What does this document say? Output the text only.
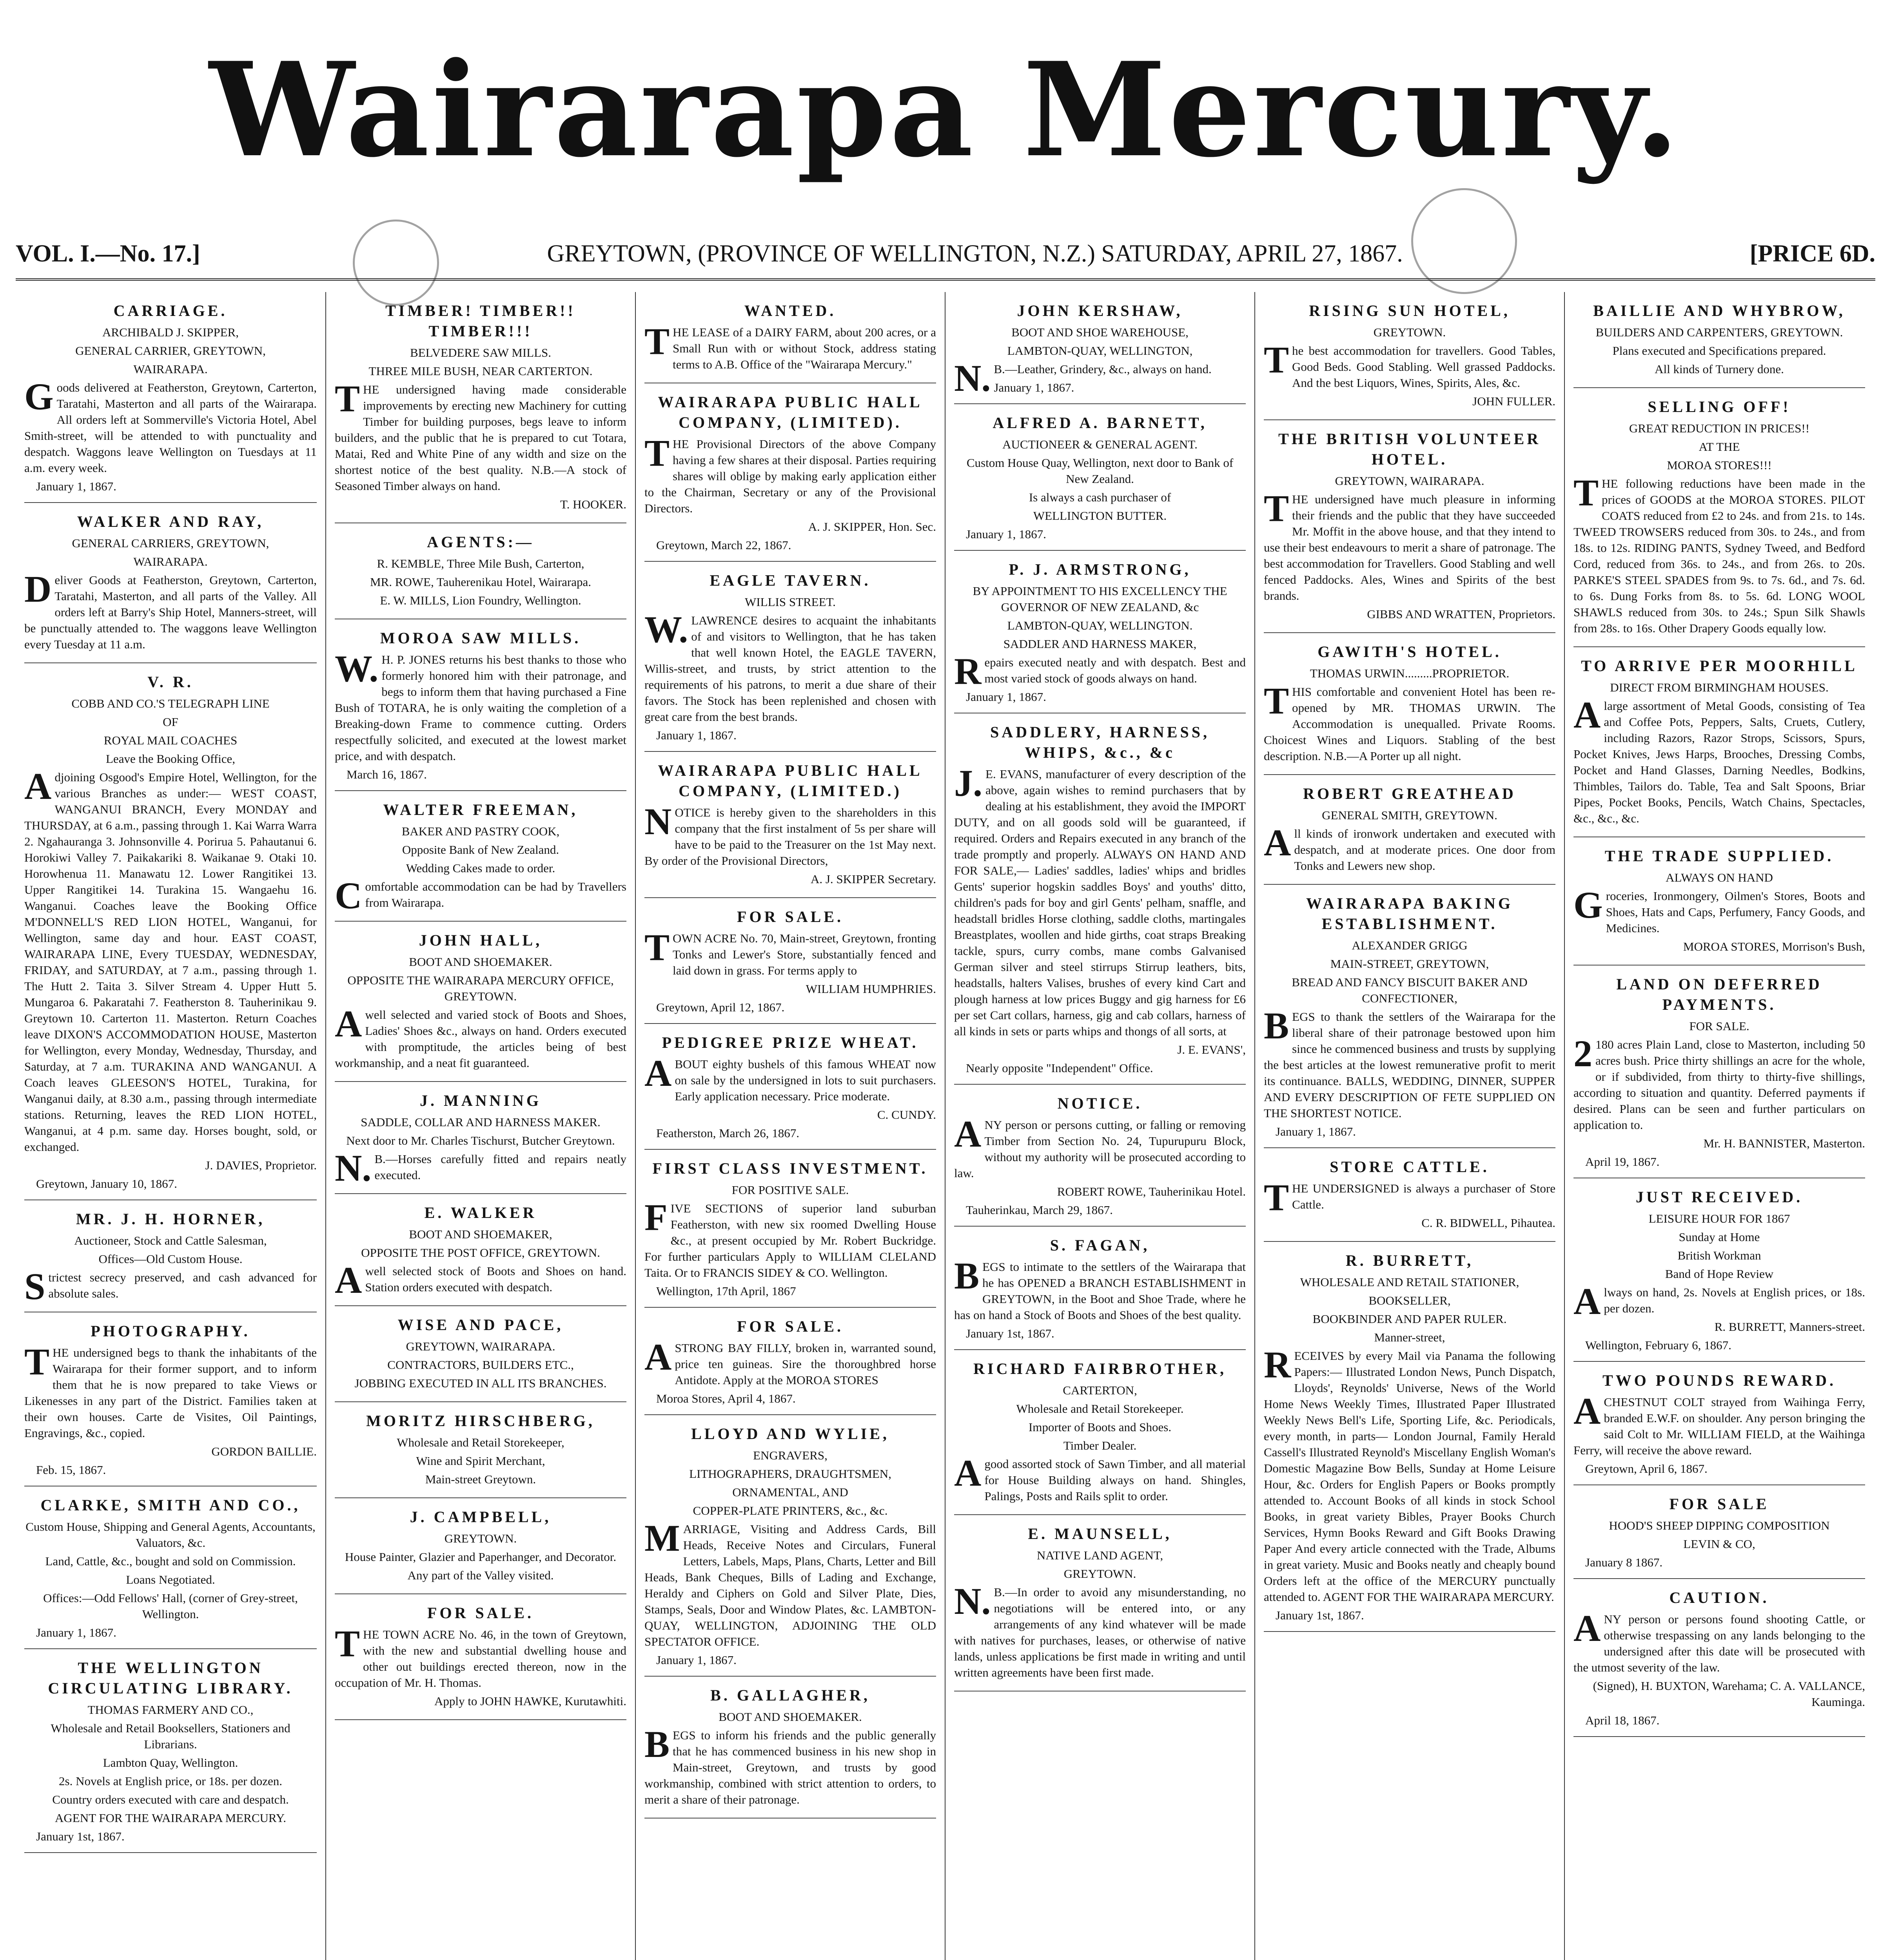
Wairarapa Mercury.
VOL. I.—No. 17.]	GREYTOWN, (PROVINCE OF WELLINGTON, N.Z.) SATURDAY, APRIL 27, 1867.	[PRICE 6D.
CARRIAGE.
ARCHIBALD J. SKIPPER,
GENERAL CARRIER, GREYTOWN,
WAIRARAPA.
Goods delivered at Featherston, Greytown, Carterton, Taratahi, Masterton and all parts of the Wairarapa. All orders left at Sommerville's Victoria Hotel, Abel Smith-street, will be attended to with punctuality and despatch. Waggons leave Wellington on Tuesdays at 11 a.m. every week.
January 1, 1867.
WALKER AND RAY,
GENERAL CARRIERS, GREYTOWN,
WAIRARAPA.
Deliver Goods at Featherston, Greytown, Carterton, Taratahi, Masterton, and all parts of the Valley. All orders left at Barry's Ship Hotel, Manners-street, will be punctually attended to. The waggons leave Wellington every Tuesday at 11 a.m.
V. R.
COBB AND CO.'S TELEGRAPH LINE
OF
ROYAL MAIL COACHES
Leave the Booking Office,
Adjoining Osgood's Empire Hotel, Wellington, for the various Branches as under:— WEST COAST, WANGANUI BRANCH, Every MONDAY and THURSDAY, at 6 a.m., passing through 1. Kai Warra Warra 2. Ngahauranga 3. Johnsonville 4. Porirua 5. Pahautanui 6. Horokiwi Valley 7. Paikakariki 8. Waikanae 9. Otaki 10. Horowhenua 11. Manawatu 12. Lower Rangitikei 13. Upper Rangitikei 14. Turakina 15. Wangaehu 16. Wanganui. Coaches leave the Booking Office M'DONNELL'S RED LION HOTEL, Wanganui, for Wellington, same day and hour. EAST COAST, WAIRARAPA LINE, Every TUESDAY, WEDNESDAY, FRIDAY, and SATURDAY, at 7 a.m., passing through 1. The Hutt 2. Taita 3. Silver Stream 4. Upper Hutt 5. Mungaroa 6. Pakaratahi 7. Featherston 8. Tauherinikau 9. Greytown 10. Carterton 11. Masterton. Return Coaches leave DIXON'S ACCOMMODATION HOUSE, Masterton for Wellington, every Monday, Wednesday, Thursday, and Saturday, at 7 a.m. TURAKINA AND WANGANUI. A Coach leaves GLEESON'S HOTEL, Turakina, for Wanganui daily, at 8.30 a.m., passing through intermediate stations. Returning, leaves the RED LION HOTEL, Wanganui, at 4 p.m. same day. Horses bought, sold, or exchanged.
J. DAVIES, Proprietor.
Greytown, January 10, 1867.
MR. J. H. HORNER,
Auctioneer, Stock and Cattle Salesman,
Offices—Old Custom House.
Strictest secrecy preserved, and cash advanced for absolute sales.
PHOTOGRAPHY.
THE undersigned begs to thank the inhabitants of the Wairarapa for their former support, and to inform them that he is now prepared to take Views or Likenesses in any part of the District. Families taken at their own houses. Carte de Visites, Oil Paintings, Engravings, &c., copied.
GORDON BAILLIE.
Feb. 15, 1867.
CLARKE, SMITH AND CO.,
Custom House, Shipping and General Agents, Accountants, Valuators, &c.
Land, Cattle, &c., bought and sold on Commission.
Loans Negotiated.
Offices:—Odd Fellows' Hall, (corner of Grey-street, Wellington.
January 1, 1867.
THE WELLINGTON CIRCULATING LIBRARY.
THOMAS FARMERY AND CO.,
Wholesale and Retail Booksellers, Stationers and Librarians.
Lambton Quay, Wellington.
2s. Novels at English price, or 18s. per dozen.
Country orders executed with care and despatch.
AGENT FOR THE WAIRARAPA MERCURY.
January 1st, 1867.
TIMBER! TIMBER!! TIMBER!!!
BELVEDERE SAW MILLS.
THREE MILE BUSH, NEAR CARTERTON.
THE undersigned having made considerable improvements by erecting new Machinery for cutting Timber for building purposes, begs leave to inform builders, and the public that he is prepared to cut Totara, Matai, Red and White Pine of any width and size on the shortest notice of the best quality. N.B.—A stock of Seasoned Timber always on hand.
T. HOOKER.
AGENTS:—
R. KEMBLE, Three Mile Bush, Carterton,
MR. ROWE, Tauherenikau Hotel, Wairarapa.
E. W. MILLS, Lion Foundry, Wellington.
MOROA SAW MILLS.
W.H. P. JONES returns his best thanks to those who formerly honored him with their patronage, and begs to inform them that having purchased a Fine Bush of TOTARA, he is only waiting the completion of a Breaking-down Frame to commence cutting. Orders respectfully solicited, and executed at the lowest market price, and with despatch.
March 16, 1867.
WALTER FREEMAN,
BAKER AND PASTRY COOK,
Opposite Bank of New Zealand.
Wedding Cakes made to order.
Comfortable accommodation can be had by Travellers from Wairarapa.
JOHN HALL,
BOOT AND SHOEMAKER.
OPPOSITE THE WAIRARAPA MERCURY OFFICE, GREYTOWN.
Awell selected and varied stock of Boots and Shoes, Ladies' Shoes &c., always on hand. Orders executed with promptitude, the articles being of best workmanship, and a neat fit guaranteed.
J. MANNING
SADDLE, COLLAR AND HARNESS MAKER.
Next door to Mr. Charles Tischurst, Butcher Greytown.
N.B.—Horses carefully fitted and repairs neatly executed.
E. WALKER
BOOT AND SHOEMAKER,
OPPOSITE THE POST OFFICE, GREYTOWN.
Awell selected stock of Boots and Shoes on hand. Station orders executed with despatch.
WISE AND PACE,
GREYTOWN, WAIRARAPA.
CONTRACTORS, BUILDERS ETC.,
JOBBING EXECUTED IN ALL ITS BRANCHES.
MORITZ HIRSCHBERG,
Wholesale and Retail Storekeeper,
Wine and Spirit Merchant,
Main-street Greytown.
J. CAMPBELL,
GREYTOWN.
House Painter, Glazier and Paperhanger, and Decorator.
Any part of the Valley visited.
FOR SALE.
THE TOWN ACRE No. 46, in the town of Greytown, with the new and substantial dwelling house and other out buildings erected thereon, now in the occupation of Mr. H. Thomas.
Apply to JOHN HAWKE, Kurutawhiti.
WANTED.
THE LEASE of a DAIRY FARM, about 200 acres, or a Small Run with or without Stock, address stating terms to A.B. Office of the "Wairarapa Mercury."
WAIRARAPA PUBLIC HALL COMPANY, (LIMITED).
THE Provisional Directors of the above Company having a few shares at their disposal. Parties requiring shares will oblige by making early application either to the Chairman, Secretary or any of the Provisional Directors.
A. J. SKIPPER, Hon. Sec.
Greytown, March 22, 1867.
EAGLE TAVERN.
WILLIS STREET.
W.LAWRENCE desires to acquaint the inhabitants of and visitors to Wellington, that he has taken that well known Hotel, the EAGLE TAVERN, Willis-street, and trusts, by strict attention to the requirements of his patrons, to merit a due share of their favors. The Stock has been replenished and chosen with great care from the best brands.
January 1, 1867.
WAIRARAPA PUBLIC HALL COMPANY, (LIMITED.)
NOTICE is hereby given to the shareholders in this company that the first instalment of 5s per share will have to be paid to the Treasurer on the 1st May next. By order of the Provisional Directors,
A. J. SKIPPER Secretary.
FOR SALE.
TOWN ACRE No. 70, Main-street, Greytown, fronting Tonks and Lewer's Store, substantially fenced and laid down in grass. For terms apply to
WILLIAM HUMPHRIES.
Greytown, April 12, 1867.
PEDIGREE PRIZE WHEAT.
ABOUT eighty bushels of this famous WHEAT now on sale by the undersigned in lots to suit purchasers. Early application necessary. Price moderate.
C. CUNDY.
Featherston, March 26, 1867.
FIRST CLASS INVESTMENT.
FOR POSITIVE SALE.
FIVE SECTIONS of superior land suburban Featherston, with new six roomed Dwelling House &c., at present occupied by Mr. Robert Buckridge. For further particulars Apply to WILLIAM CLELAND Taita. Or to FRANCIS SIDEY & CO. Wellington.
Wellington, 17th April, 1867
FOR SALE.
ASTRONG BAY FILLY, broken in, warranted sound, price ten guineas. Sire the thoroughbred horse Antidote. Apply at the MOROA STORES
Moroa Stores, April 4, 1867.
LLOYD AND WYLIE,
ENGRAVERS,
LITHOGRAPHERS, DRAUGHTSMEN,
ORNAMENTAL, AND
COPPER-PLATE PRINTERS, &c., &c.
MARRIAGE, Visiting and Address Cards, Bill Heads, Receive Notes and Circulars, Funeral Letters, Labels, Maps, Plans, Charts, Letter and Bill Heads, Bank Cheques, Bills of Lading and Exchange, Heraldy and Ciphers on Gold and Silver Plate, Dies, Stamps, Seals, Door and Window Plates, &c. LAMBTON-QUAY, WELLINGTON, ADJOINING THE OLD SPECTATOR OFFICE.
January 1, 1867.
B. GALLAGHER,
BOOT AND SHOEMAKER.
BEGS to inform his friends and the public generally that he has commenced business in his new shop in Main-street, Greytown, and trusts by good workmanship, combined with strict attention to orders, to merit a share of their patronage.
JOHN KERSHAW,
BOOT AND SHOE WAREHOUSE,
LAMBTON-QUAY, WELLINGTON,
N.B.—Leather, Grindery, &c., always on hand.
January 1, 1867.
ALFRED A. BARNETT,
AUCTIONEER & GENERAL AGENT.
Custom House Quay, Wellington, next door to Bank of New Zealand.
Is always a cash purchaser of
WELLINGTON BUTTER.
January 1, 1867.
P. J. ARMSTRONG,
BY APPOINTMENT TO HIS EXCELLENCY THE GOVERNOR OF NEW ZEALAND, &c
LAMBTON-QUAY, WELLINGTON.
SADDLER AND HARNESS MAKER,
Repairs executed neatly and with despatch. Best and most varied stock of goods always on hand.
January 1, 1867.
SADDLERY, HARNESS, WHIPS, &c., &c
J.E. EVANS, manufacturer of every description of the above, again wishes to remind purchasers that by dealing at his establishment, they avoid the IMPORT DUTY, and on all goods sold will be guaranteed, if required. Orders and Repairs executed in any branch of the trade promptly and properly. ALWAYS ON HAND AND FOR SALE,— Ladies' saddles, ladies' whips and bridles Gents' superior hogskin saddles Boys' and youths' ditto, children's pads for boy and girl Gents' pelham, snaffle, and headstall bridles Horse clothing, saddle cloths, martingales Breastplates, woollen and hide girths, coat straps Breaking tackle, spurs, curry combs, mane combs Galvanised German silver and steel stirrups Stirrup leathers, bits, headstalls, halters Valises, brushes of every kind Cart and plough harness at low prices Buggy and gig harness for £6 per set Cart collars, harness, gig and cab collars, harness of all kinds in sets or parts whips and thongs of all sorts, at
J. E. EVANS',
Nearly opposite "Independent" Office.
NOTICE.
ANY person or persons cutting, or falling or removing Timber from Section No. 24, Tupurupuru Block, without my authority will be prosecuted according to law.
ROBERT ROWE, Tauherinikau Hotel.
Tauherinkau, March 29, 1867.
S. FAGAN,
BEGS to intimate to the settlers of the Wairarapa that he has OPENED a BRANCH ESTABLISHMENT in GREYTOWN, in the Boot and Shoe Trade, where he has on hand a Stock of Boots and Shoes of the best quality.
January 1st, 1867.
RICHARD FAIRBROTHER,
CARTERTON,
Wholesale and Retail Storekeeper.
Importer of Boots and Shoes.
Timber Dealer.
Agood assorted stock of Sawn Timber, and all material for House Building always on hand. Shingles, Palings, Posts and Rails split to order.
E. MAUNSELL,
NATIVE LAND AGENT,
GREYTOWN.
N.B.—In order to avoid any misunderstanding, no negotiations will be entered into, or any arrangements of any kind whatever will be made with natives for purchases, leases, or otherwise of native lands, unless applications be first made in writing and until written agreements have been first made.
RISING SUN HOTEL,
GREYTOWN.
The best accommodation for travellers. Good Tables, Good Beds. Good Stabling. Well grassed Paddocks. And the best Liquors, Wines, Spirits, Ales, &c.
JOHN FULLER.
THE BRITISH VOLUNTEER HOTEL.
GREYTOWN, WAIRARAPA.
THE undersigned have much pleasure in informing their friends and the public that they have succeeded Mr. Moffit in the above house, and that they intend to use their best endeavours to merit a share of patronage. The best accommodation for Travellers. Good Stabling and well fenced Paddocks. Ales, Wines and Spirits of the best brands.
GIBBS AND WRATTEN, Proprietors.
GAWITH'S HOTEL.
THOMAS URWIN.........PROPRIETOR.
THIS comfortable and convenient Hotel has been re-opened by MR. THOMAS URWIN. The Accommodation is unequalled. Private Rooms. Choicest Wines and Liquors. Stabling of the best description. N.B.—A Porter up all night.
ROBERT GREATHEAD
GENERAL SMITH, GREYTOWN.
All kinds of ironwork undertaken and executed with despatch, and at moderate prices. One door from Tonks and Lewers new shop.
WAIRARAPA BAKING ESTABLISHMENT.
ALEXANDER GRIGG
MAIN-STREET, GREYTOWN,
BREAD AND FANCY BISCUIT BAKER AND CONFECTIONER,
BEGS to thank the settlers of the Wairarapa for the liberal share of their patronage bestowed upon him since he commenced business and trusts by supplying the best articles at the lowest remunerative profit to merit its continuance. BALLS, WEDDING, DINNER, SUPPER AND EVERY DESCRIPTION OF FETE SUPPLIED ON THE SHORTEST NOTICE.
January 1, 1867.
STORE CATTLE.
THE UNDERSIGNED is always a purchaser of Store Cattle.
C. R. BIDWELL, Pihautea.
R. BURRETT,
WHOLESALE AND RETAIL STATIONER,
BOOKSELLER,
BOOKBINDER AND PAPER RULER.
Manner-street,
RECEIVES by every Mail via Panama the following Papers:— Illustrated London News, Punch Dispatch, Lloyds', Reynolds' Universe, News of the World Home News Weekly Times, Illustrated Paper Illustrated Weekly News Bell's Life, Sporting Life, &c. Periodicals, every month, in parts— London Journal, Family Herald Cassell's Illustrated Reynold's Miscellany English Woman's Domestic Magazine Bow Bells, Sunday at Home Leisure Hour, &c. Orders for English Papers or Books promptly attended to. Account Books of all kinds in stock School Books, in great variety Bibles, Prayer Books Church Services, Hymn Books Reward and Gift Books Drawing Paper And every article connected with the Trade, Albums in great variety. Music and Books neatly and cheaply bound Orders left at the office of the MERCURY punctually attended to. AGENT FOR THE WAIRARAPA MERCURY.
January 1st, 1867.
BAILLIE AND WHYBROW,
BUILDERS AND CARPENTERS, GREYTOWN.
Plans executed and Specifications prepared.
All kinds of Turnery done.
SELLING OFF!
GREAT REDUCTION IN PRICES!!
AT THE
MOROA STORES!!!
THE following reductions have been made in the prices of GOODS at the MOROA STORES. PILOT COATS reduced from £2 to 24s. and from 21s. to 14s. TWEED TROWSERS reduced from 30s. to 24s., and from 18s. to 12s. RIDING PANTS, Sydney Tweed, and Bedford Cord, reduced from 36s. to 24s., and from 26s. to 20s. PARKE'S STEEL SPADES from 9s. to 7s. 6d., and 7s. 6d. to 6s. Dung Forks from 8s. to 5s. 6d. LONG WOOL SHAWLS reduced from 30s. to 24s.; Spun Silk Shawls from 28s. to 16s. Other Drapery Goods equally low.
TO ARRIVE PER MOORHILL
DIRECT FROM BIRMINGHAM HOUSES.
Alarge assortment of Metal Goods, consisting of Tea and Coffee Pots, Peppers, Salts, Cruets, Cutlery, including Razors, Razor Strops, Scissors, Spurs, Pocket Knives, Jews Harps, Brooches, Dressing Combs, Pocket and Hand Glasses, Darning Needles, Bodkins, Thimbles, Tailors do. Table, Tea and Salt Spoons, Briar Pipes, Pocket Books, Pencils, Watch Chains, Spectacles, &c., &c., &c.
THE TRADE SUPPLIED.
ALWAYS ON HAND
Groceries, Ironmongery, Oilmen's Stores, Boots and Shoes, Hats and Caps, Perfumery, Fancy Goods, and Medicines.
MOROA STORES, Morrison's Bush,
LAND ON DEFERRED PAYMENTS.
FOR SALE.
2180 acres Plain Land, close to Masterton, including 50 acres bush. Price thirty shillings an acre for the whole, or if subdivided, from thirty to thirty-five shillings, according to situation and quantity. Deferred payments if desired. Plans can be seen and further particulars on application to.
Mr. H. BANNISTER, Masterton.
April 19, 1867.
JUST RECEIVED.
LEISURE HOUR FOR 1867
Sunday at Home
British Workman
Band of Hope Review
Always on hand, 2s. Novels at English prices, or 18s. per dozen.
R. BURRETT, Manners-street.
Wellington, February 6, 1867.
TWO POUNDS REWARD.
ACHESTNUT COLT strayed from Waihinga Ferry, branded E.W.F. on shoulder. Any person bringing the said Colt to Mr. WILLIAM FIELD, at the Waihinga Ferry, will receive the above reward.
Greytown, April 6, 1867.
FOR SALE
HOOD'S SHEEP DIPPING COMPOSITION
LEVIN & CO,
January 8 1867.
CAUTION.
ANY person or persons found shooting Cattle, or otherwise trespassing on any lands belonging to the undersigned after this date will be prosecuted with the utmost severity of the law.
(Signed), H. BUXTON, Warehama; C. A. VALLANCE, Kauminga.
April 18, 1867.
